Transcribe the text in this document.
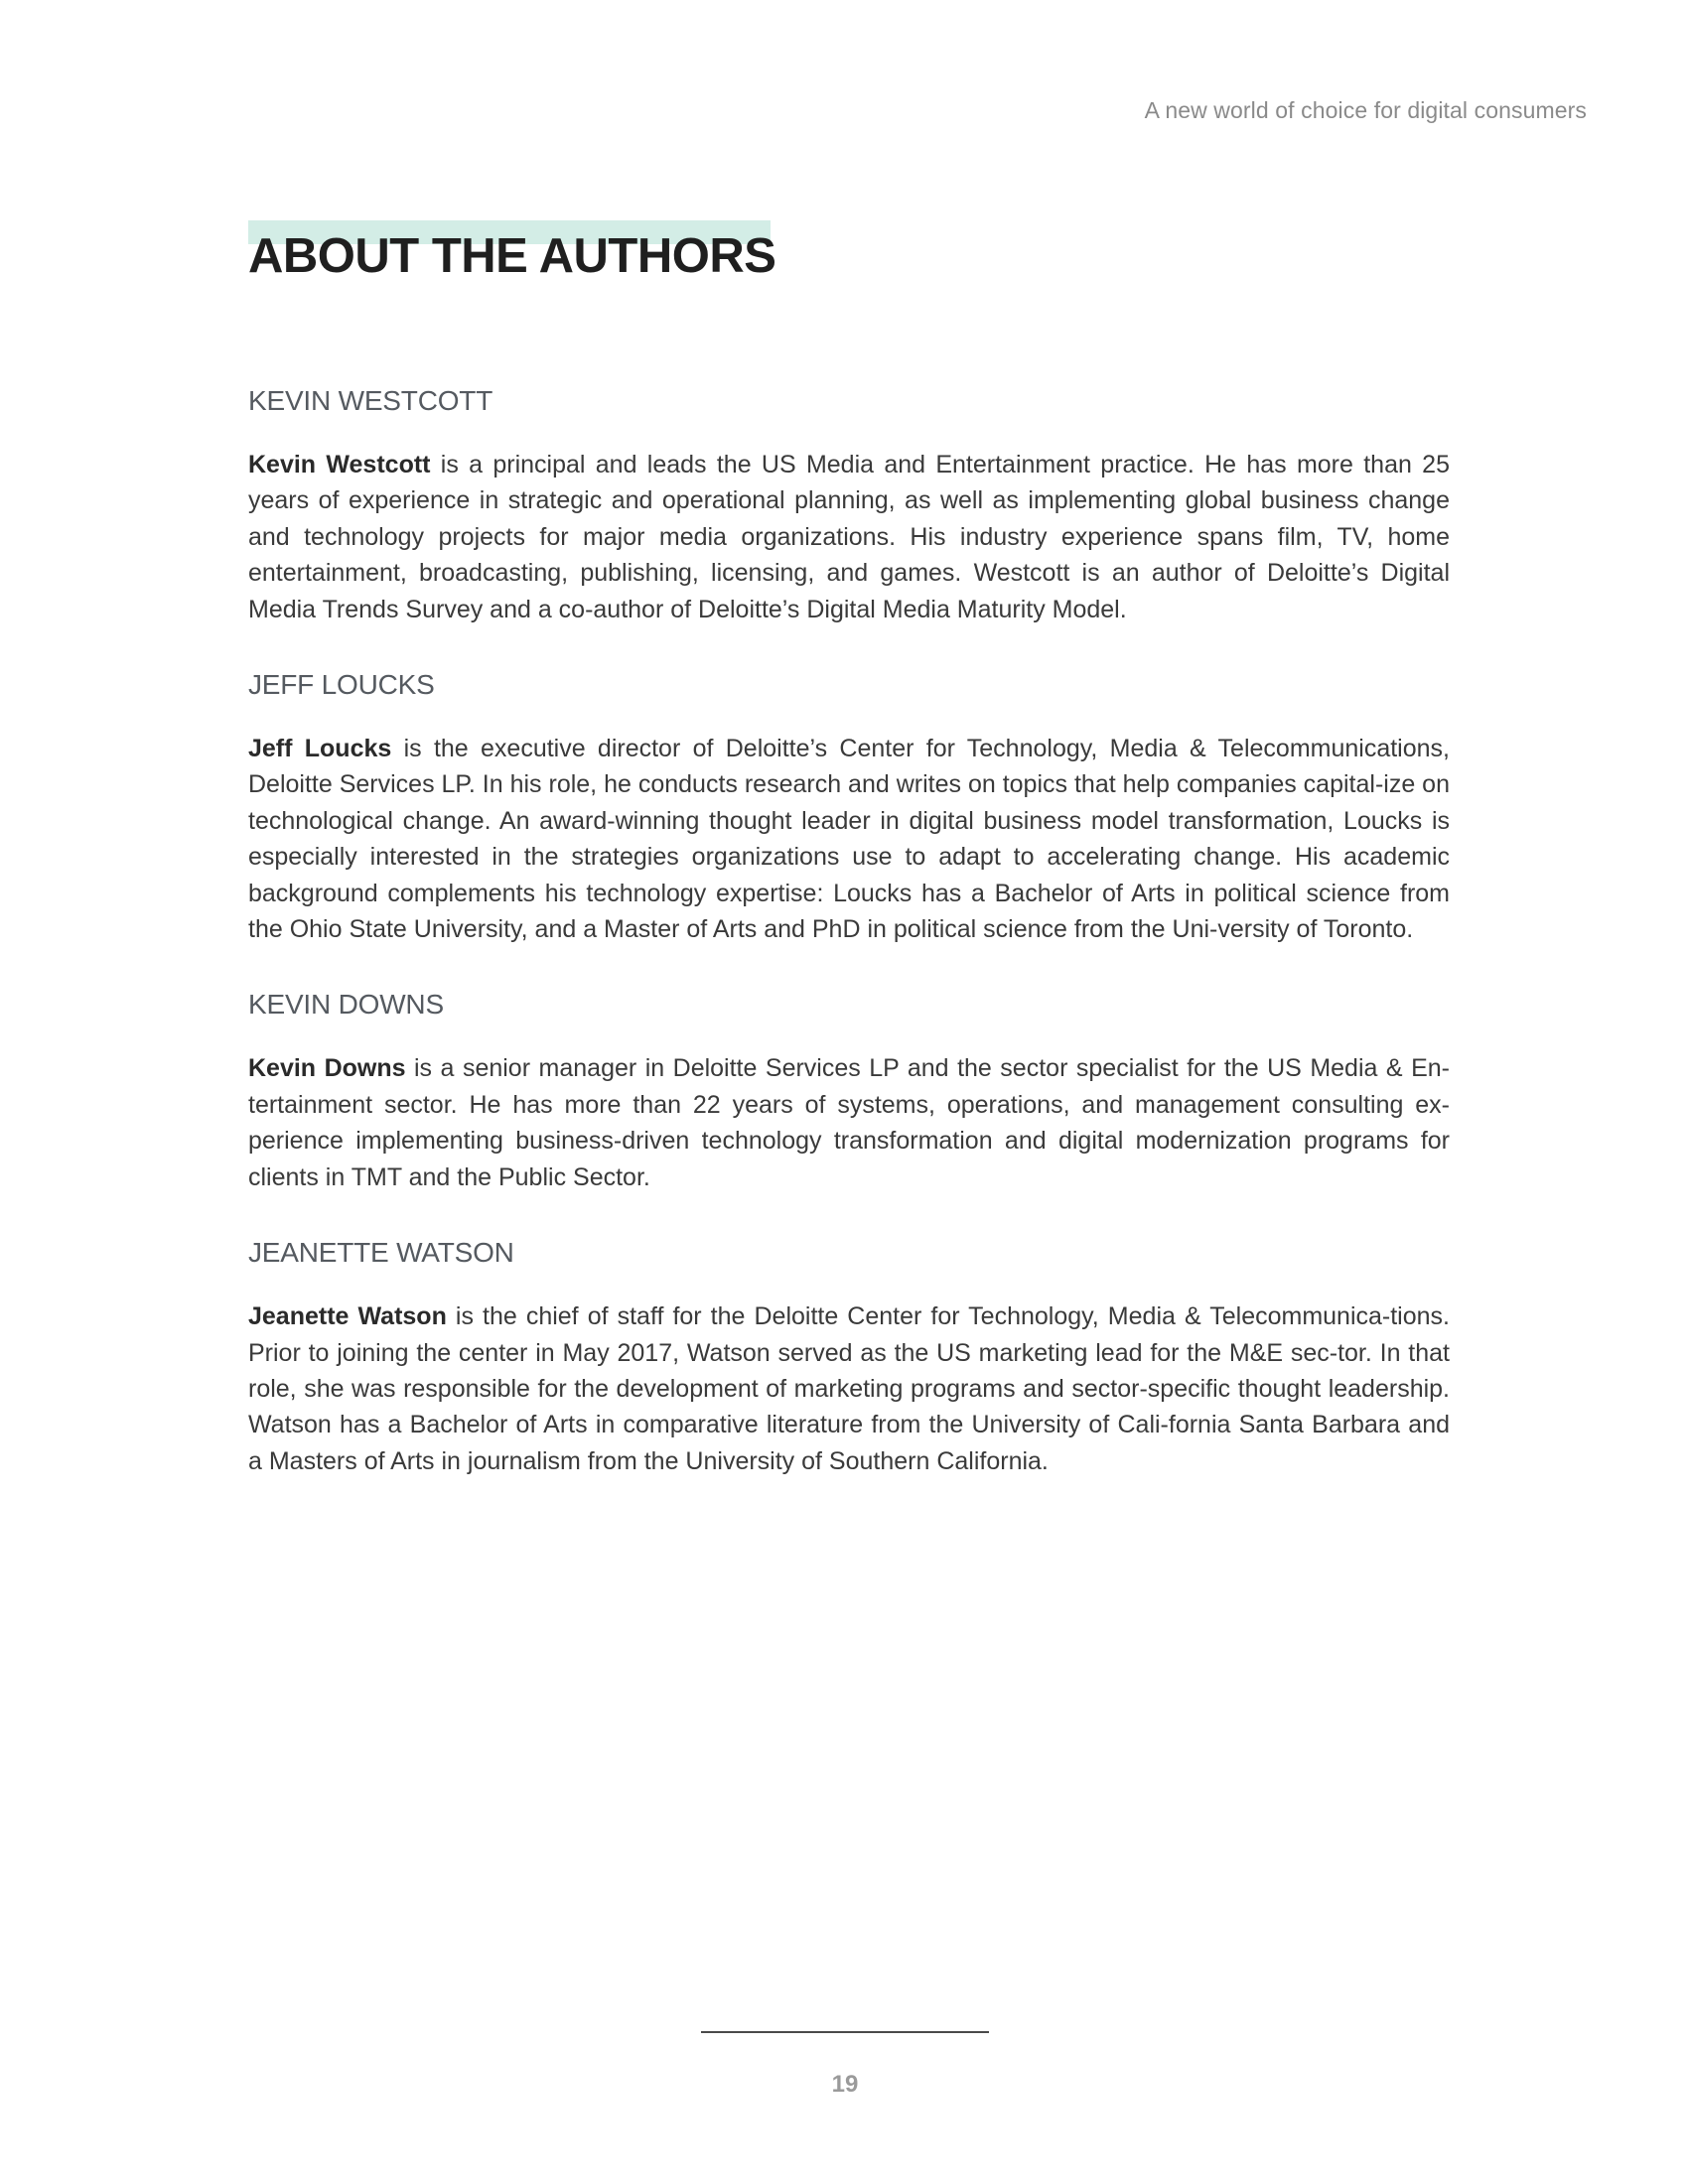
A new world of choice for digital consumers
ABOUT THE AUTHORS
KEVIN WESTCOTT

Kevin Westcott is a principal and leads the US Media and Entertainment practice. He has more than 25 years of experience in strategic and operational planning, as well as implementing global business change and technology projects for major media organizations. His industry experience spans film, TV, home entertainment, broadcasting, publishing, licensing, and games. Westcott is an author of Deloitte’s Digital Media Trends Survey and a co-author of Deloitte’s Digital Media Maturity Model.

JEFF LOUCKS

Jeff Loucks is the executive director of Deloitte’s Center for Technology, Media & Telecommunications, Deloitte Services LP. In his role, he conducts research and writes on topics that help companies capital-ize on technological change. An award-winning thought leader in digital business model transformation, Loucks is especially interested in the strategies organizations use to adapt to accelerating change. His academic background complements his technology expertise: Loucks has a Bachelor of Arts in political science from the Ohio State University, and a Master of Arts and PhD in political science from the Uni-versity of Toronto.

KEVIN DOWNS

Kevin Downs is a senior manager in Deloitte Services LP and the sector specialist for the US Media & En-tertainment sector. He has more than 22 years of systems, operations, and management consulting ex-perience implementing business-driven technology transformation and digital modernization programs for clients in TMT and the Public Sector.

JEANETTE WATSON

Jeanette Watson is the chief of staff for the Deloitte Center for Technology, Media & Telecommunica-tions. Prior to joining the center in May 2017, Watson served as the US marketing lead for the M&E sec-tor. In that role, she was responsible for the development of marketing programs and sector-specific thought leadership. Watson has a Bachelor of Arts in comparative literature from the University of Cali-fornia Santa Barbara and a Masters of Arts in journalism from the University of Southern California.

19
